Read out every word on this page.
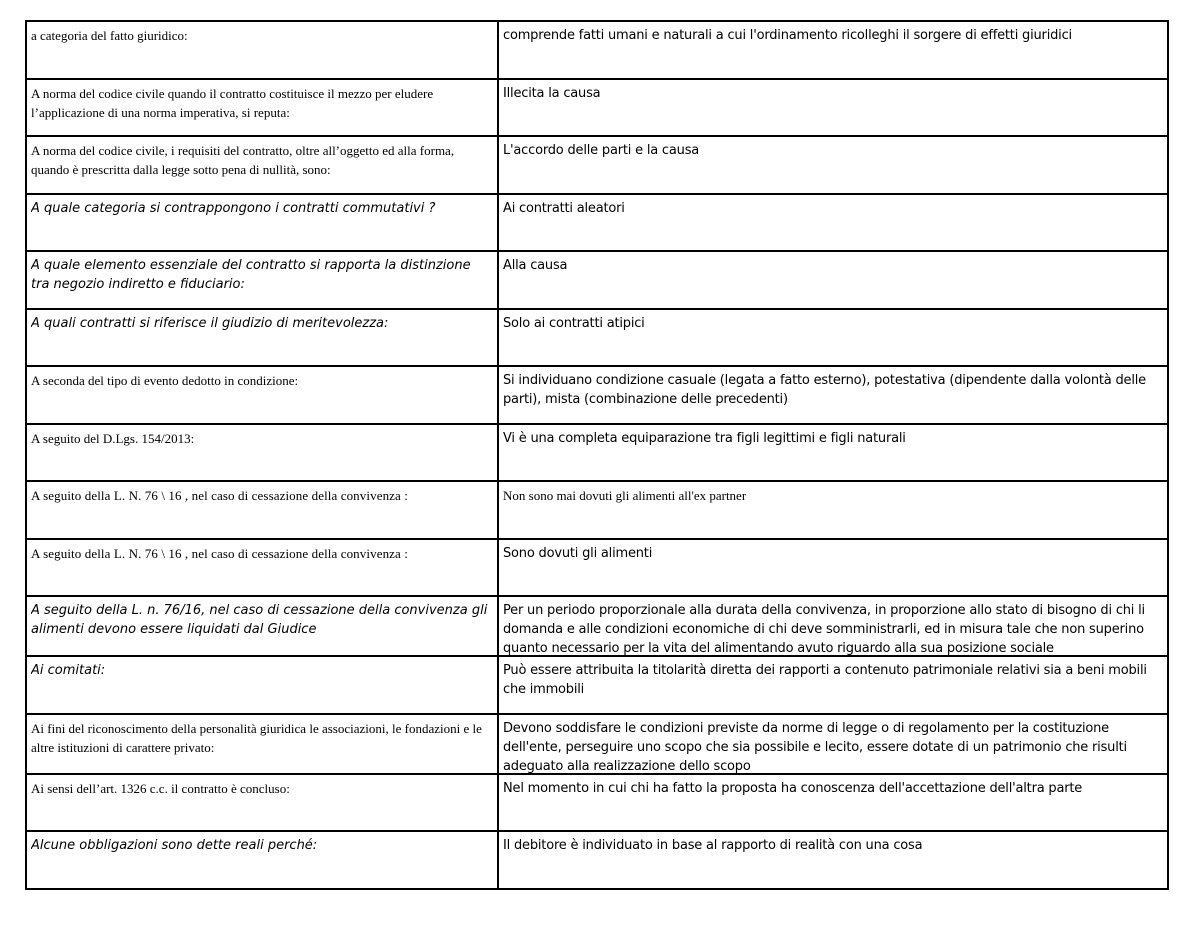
a categoria del fatto giuridico:	comprende fatti umani e naturali a cui l'ordinamento ricolleghi il sorgere di effetti giuridici

A norma del codice civile quando il contratto costituisce il mezzo per eludere l’applicazione di una norma imperativa, si reputa:	Illecita la causa

A norma del codice civile, i requisiti del contratto, oltre all’oggetto ed alla forma, quando è prescritta dalla legge sotto pena di nullità, sono:	L'accordo delle parti e la causa

A quale categoria si contrappongono i contratti commutativi ?	Ai contratti aleatori

A quale elemento essenziale del contratto si rapporta la distinzione tra negozio indiretto e fiduciario:	Alla causa

A quali contratti si riferisce il giudizio di meritevolezza:	Solo ai contratti atipici

A seconda del tipo di evento dedotto in condizione:	Si individuano condizione casuale (legata a fatto esterno), potestativa (dipendente dalla volontà delle parti), mista (combinazione delle precedenti)

A seguito del D.Lgs. 154/2013:	Vi è una completa equiparazione tra figli legittimi e figli naturali

A seguito della L. N. 76 \ 16 , nel caso di cessazione della convivenza :	Non sono mai dovuti gli alimenti all'ex partner

A seguito della L. N. 76 \ 16 , nel caso di cessazione della convivenza :	Sono dovuti gli alimenti

A seguito della L. n. 76/16, nel caso di cessazione della convivenza gli alimenti devono essere liquidati dal Giudice	Per un periodo proporzionale alla durata della convivenza, in proporzione allo stato di bisogno di chi li domanda e alle condizioni economiche di chi deve somministrarli, ed in misura tale che non superino quanto necessario per la vita del alimentando avuto riguardo alla sua posizione sociale

Ai comitati:	Può essere attribuita la titolarità diretta dei rapporti a contenuto patrimoniale relativi sia a beni mobili che immobili

Ai fini del riconoscimento della personalità giuridica le associazioni, le fondazioni e le altre istituzioni di carattere privato:	Devono soddisfare le condizioni previste da norme di legge o di regolamento per la costituzione dell'ente, perseguire uno scopo che sia possibile e lecito, essere dotate di un patrimonio che risulti adeguato alla realizzazione dello scopo

Ai sensi dell’art. 1326 c.c. il contratto è concluso:	Nel momento in cui chi ha fatto la proposta ha conoscenza dell'accettazione dell'altra parte

Alcune obbligazioni sono dette reali perché:	Il debitore è individuato in base al rapporto di realità con una cosa
